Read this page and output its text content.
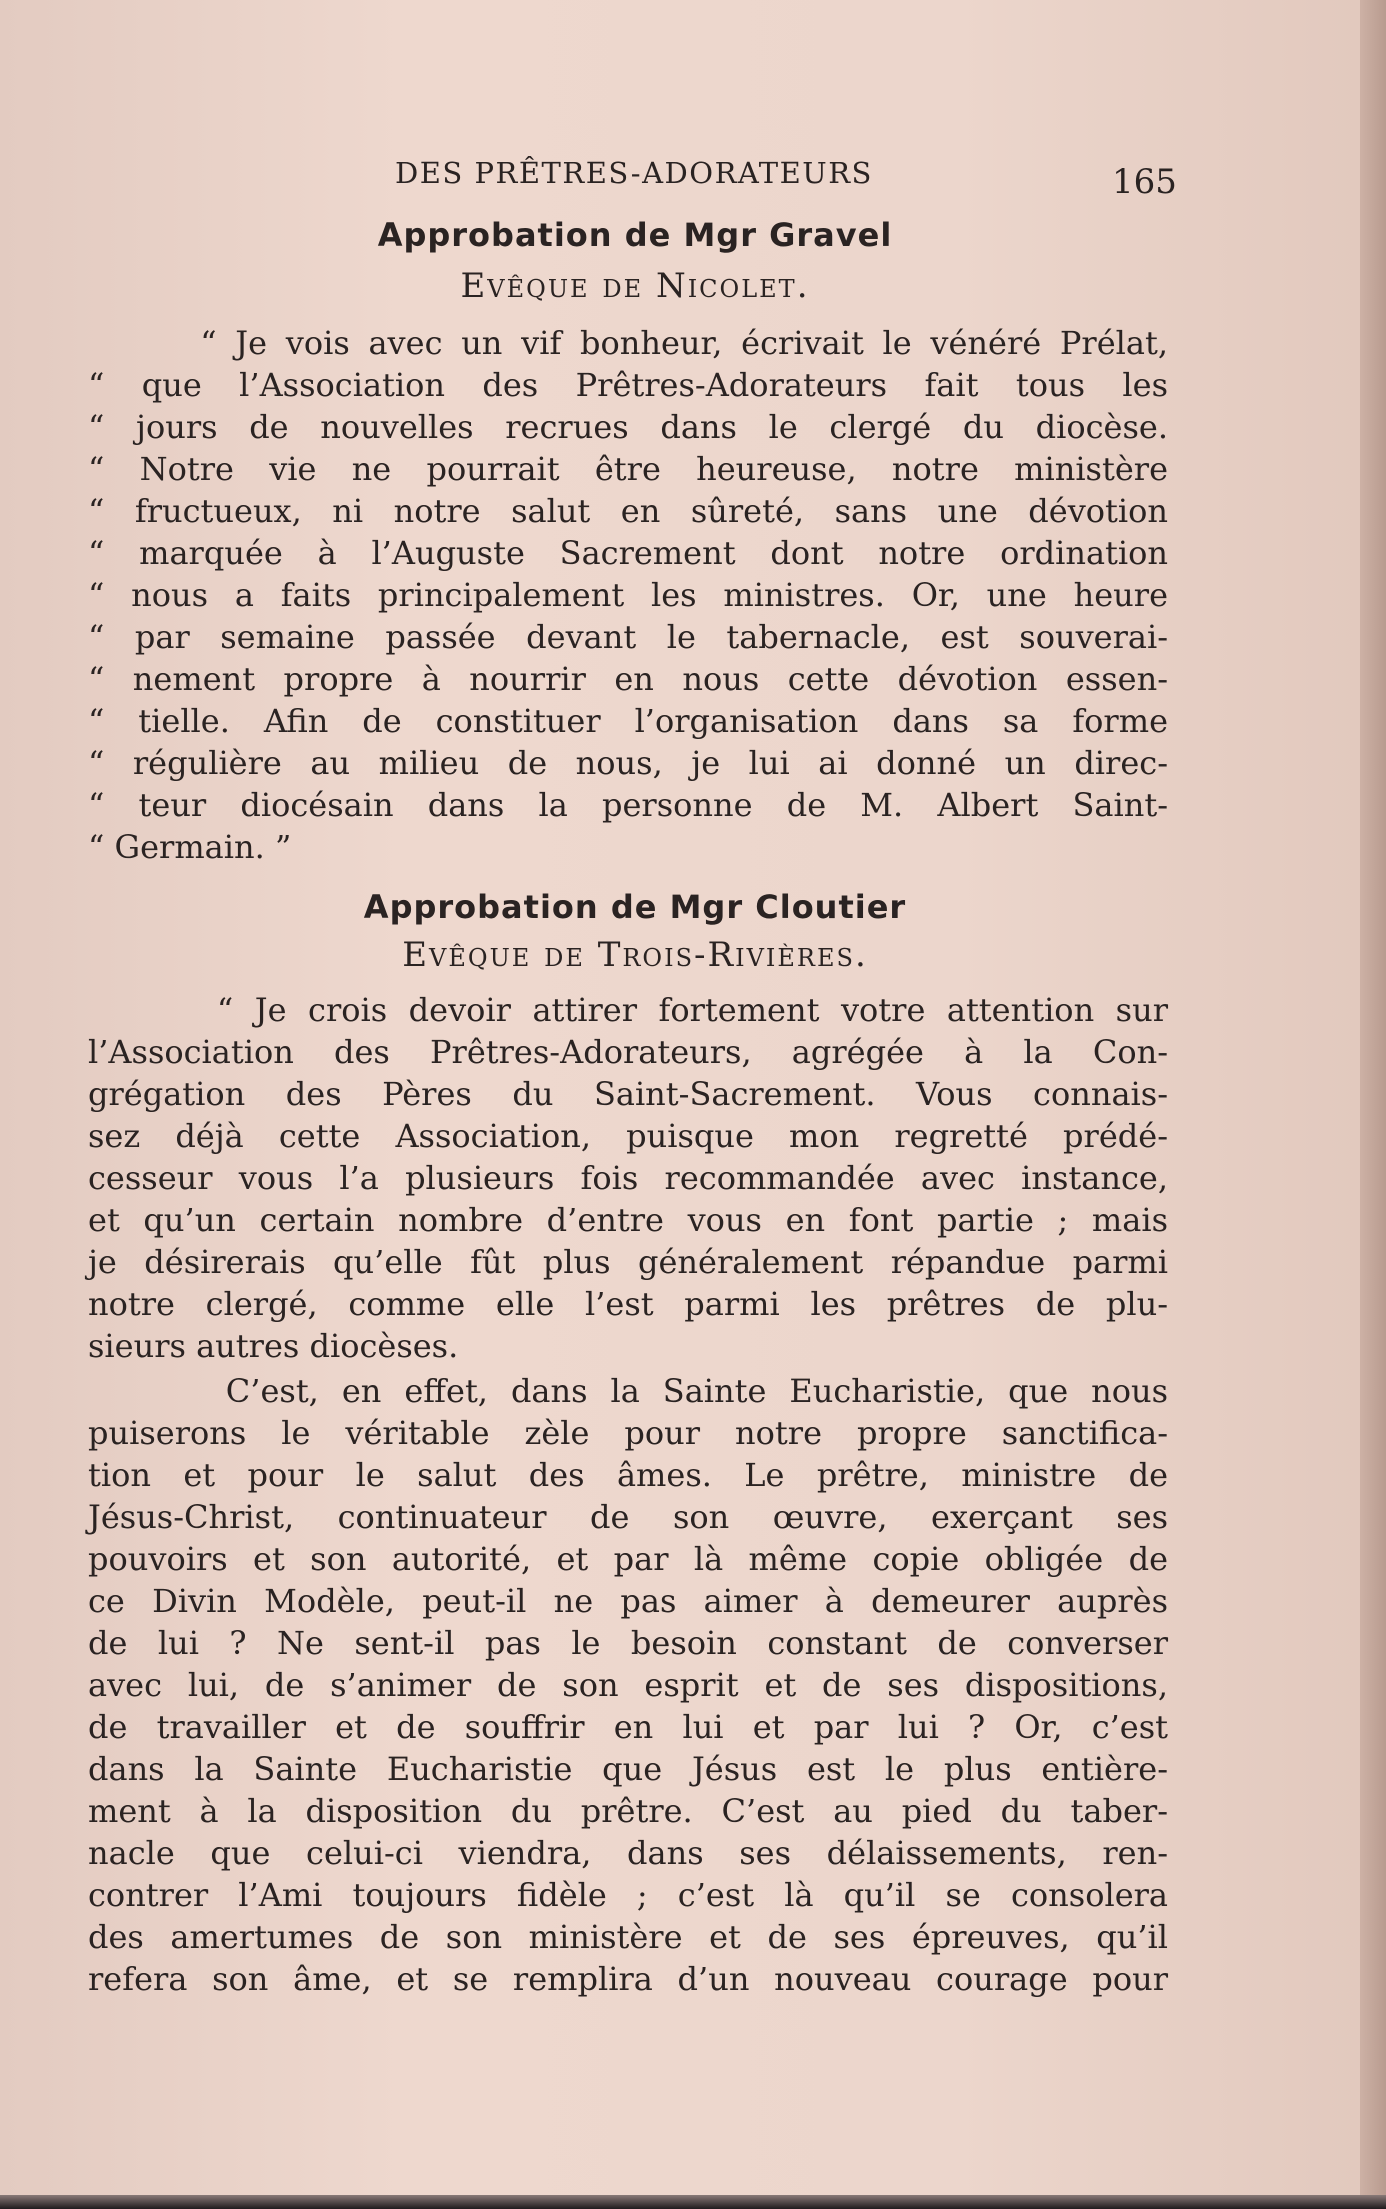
DES PRÊTRES-ADORATEURS	165
Approbation de Mgr Gravel
Evêque de Nicolet.
“ Je vois avec un vif bonheur, écrivait le vénéré Prélat,
“ que l’Association des Prêtres-Adorateurs fait tous les
“ jours de nouvelles recrues dans le clergé du diocèse.
“ Notre vie ne pourrait être heureuse, notre ministère
“ fructueux, ni notre salut en sûreté, sans une dévotion
“ marquée à l’Auguste Sacrement dont notre ordination
“ nous a faits principalement les ministres. Or, une heure
“ par semaine passée devant le tabernacle, est souverai-
“ nement propre à nourrir en nous cette dévotion essen-
“ tielle. Afin de constituer l’organisation dans sa forme
“ régulière au milieu de nous, je lui ai donné un direc-
“ teur diocésain dans la personne de M. Albert Saint-
“ Germain. ”
Approbation de Mgr Cloutier
Evêque de Trois-Rivières.
“ Je crois devoir attirer fortement votre attention sur
l’Association des Prêtres-Adorateurs, agrégée à la Con-
grégation des Pères du Saint-Sacrement. Vous connais-
sez déjà cette Association, puisque mon regretté prédé-
cesseur vous l’a plusieurs fois recommandée avec instance,
et qu’un certain nombre d’entre vous en font partie ; mais
je désirerais qu’elle fût plus généralement répandue parmi
notre clergé, comme elle l’est parmi les prêtres de plu-
sieurs autres diocèses.
C’est, en effet, dans la Sainte Eucharistie, que nous
puiserons le véritable zèle pour notre propre sanctifica-
tion et pour le salut des âmes. Le prêtre, ministre de
Jésus-Christ, continuateur de son œuvre, exerçant ses
pouvoirs et son autorité, et par là même copie obligée de
ce Divin Modèle, peut-il ne pas aimer à demeurer auprès
de lui ? Ne sent-il pas le besoin constant de converser
avec lui, de s’animer de son esprit et de ses dispositions,
de travailler et de souffrir en lui et par lui ? Or, c’est
dans la Sainte Eucharistie que Jésus est le plus entière-
ment à la disposition du prêtre. C’est au pied du taber-
nacle que celui-ci viendra, dans ses délaissements, ren-
contrer l’Ami toujours fidèle ; c’est là qu’il se consolera
des amertumes de son ministère et de ses épreuves, qu’il
refera son âme, et se remplira d’un nouveau courage pour
